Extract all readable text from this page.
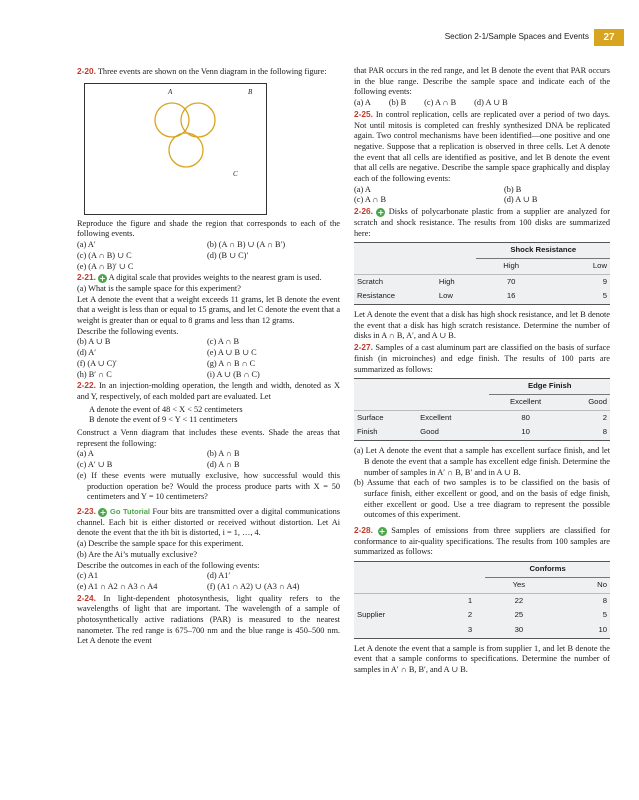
Section 2-1/Sample Spaces and Events	27

2-20. Three events are shown on the Venn diagram in the following figure:

A	B
C

Reproduce the figure and shade the region that corresponds to each of the following events.

(a) A′	(b) (A ∩ B) ∪ (A ∩ B′)
(c) (A ∩ B) ∪ C	(d) (B ∪ C)′
(e) (A ∩ B)′ ∪ C

2-21. + A digital scale that provides weights to the nearest gram is used.

(a) What is the sample space for this experiment?

Let A denote the event that a weight exceeds 11 grams, let B denote the event that a weight is less than or equal to 15 grams, and let C denote the event that a weight is greater than or equal to 8 grams and less than 12 grams.

Describe the following events.

(b) A ∪ B	(c) A ∩ B
(d) A′	(e) A ∪ B ∪ C
(f) (A ∪ C)′	(g) A ∩ B ∩ C
(h) B′ ∩ C	(i) A ∪ (B ∩ C)

2-22. In an injection-molding operation, the length and width, denoted as X and Y, respectively, of each molded part are evaluated. Let

A denote the event of 48 < X < 52 centimeters

B denote the event of 9 < Y < 11 centimeters

Construct a Venn diagram that includes these events. Shade the areas that represent the following:

(a) A	(b) A ∩ B
(c) A′ ∪ B	(d) A ∩ B

(e) If these events were mutually exclusive, how successful would this production operation be? Would the process produce parts with X = 50 centimeters and Y = 10 centimeters?

2-23. + Go Tutorial Four bits are transmitted over a digital communications channel. Each bit is either distorted or received without distortion. Let Ai denote the event that the ith bit is distorted, i = 1, …, 4.

(a) Describe the sample space for this experiment.

(b) Are the Ai’s mutually exclusive?

Describe the outcomes in each of the following events:

(c) A1	(d) A1′
(e) A1 ∩ A2 ∩ A3 ∩ A4	(f) (A1 ∩ A2) ∪ (A3 ∩ A4)

2-24. In light-dependent photosynthesis, light quality refers to the wavelengths of light that are important. The wavelength of a sample of photosynthetically active radiations (PAR) is measured to the nearest nanometer. The red range is 675–700 nm and the blue range is 450–500 nm. Let A denote the event

that PAR occurs in the red range, and let B denote the event that PAR occurs in the blue range. Describe the sample space and indicate each of the following events:

(a) A (b) B (c) A ∩ B (d) A ∪ B

2-25. In control replication, cells are replicated over a period of two days. Not until mitosis is completed can freshly synthesized DNA be replicated again. Two control mechanisms have been identified—one positive and one negative. Suppose that a replication is observed in three cells. Let A denote the event that all cells are identified as positive, and let B denote the event that all cells are negative. Describe the sample space graphically and display each of the following events:

(a) A	(b) B
(c) A ∩ B	(d) A ∪ B

2-26. + Disks of polycarbonate plastic from a supplier are analyzed for scratch and shock resistance. The results from 100 disks are summarized here:

		Shock Resistance	
		High	Low
Scratch	High	70	9
Resistance	Low	16	5

Let A denote the event that a disk has high shock resistance, and let B denote the event that a disk has high scratch resistance. Determine the number of disks in A ∩ B, A′, and A ∪ B.

2-27. Samples of a cast aluminum part are classified on the basis of surface finish (in microinches) and edge finish. The results of 100 parts are summarized as follows:

		Edge Finish	
		Excellent	Good
Surface	Excellent	80	2
Finish	Good	10	8

(a) Let A denote the event that a sample has excellent surface finish, and let B denote the event that a sample has excellent edge finish. Determine the number of samples in A′ ∩ B, B′ and in A ∪ B.

(b) Assume that each of two samples is to be classified on the basis of surface finish, either excellent or good, and on the basis of edge finish, either excellent or good. Use a tree diagram to represent the possible outcomes of this experiment.

2-28. + Samples of emissions from three suppliers are classified for conformance to air-quality specifications. The results from 100 samples are summarized as follows:

		Conforms	
		Yes	No
	1	22	8
Supplier	2	25	5
	3	30	10

Let A denote the event that a sample is from supplier 1, and let B denote the event that a sample conforms to specifications. Determine the number of samples in A′ ∩ B, B′, and A ∪ B.
